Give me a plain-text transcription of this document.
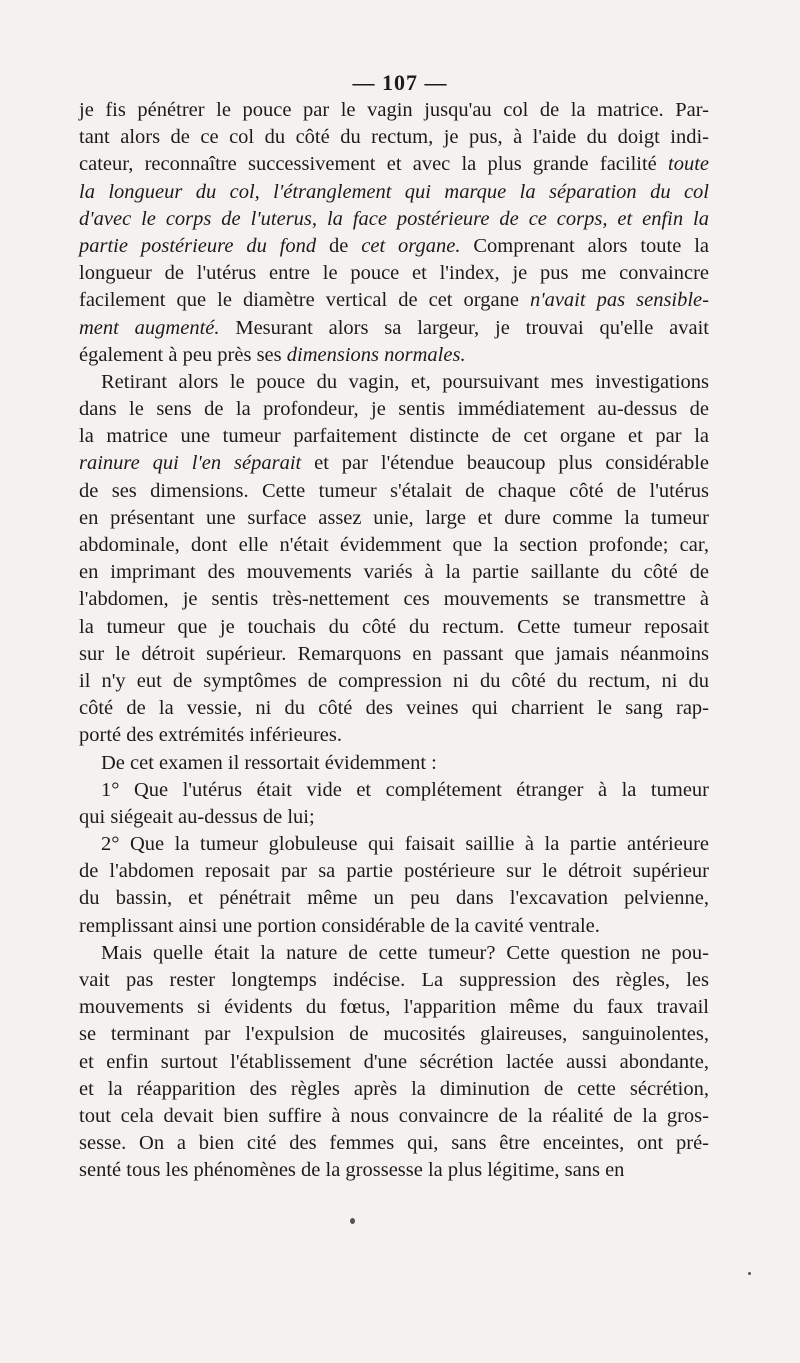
— 107 —
je fis pénétrer le pouce par le vagin jusqu'au col de la matrice. Par-
tant alors de ce col du côté du rectum, je pus, à l'aide du doigt indi-
cateur, reconnaître successivement et avec la plus grande facilité toute
la longueur du col, l'étranglement qui marque la séparation du col
d'avec le corps de l'uterus, la face postérieure de ce corps, et enfin la
partie postérieure du fond de cet organe. Comprenant alors toute la
longueur de l'utérus entre le pouce et l'index, je pus me convaincre
facilement que le diamètre vertical de cet organe n'avait pas sensible-
ment augmenté. Mesurant alors sa largeur, je trouvai qu'elle avait
également à peu près ses dimensions normales.
Retirant alors le pouce du vagin, et, poursuivant mes investigations
dans le sens de la profondeur, je sentis immédiatement au-dessus de
la matrice une tumeur parfaitement distincte de cet organe et par la
rainure qui l'en séparait et par l'étendue beaucoup plus considérable
de ses dimensions. Cette tumeur s'étalait de chaque côté de l'utérus
en présentant une surface assez unie, large et dure comme la tumeur
abdominale, dont elle n'était évidemment que la section profonde; car,
en imprimant des mouvements variés à la partie saillante du côté de
l'abdomen, je sentis très-nettement ces mouvements se transmettre à
la tumeur que je touchais du côté du rectum. Cette tumeur reposait
sur le détroit supérieur. Remarquons en passant que jamais néanmoins
il n'y eut de symptômes de compression ni du côté du rectum, ni du
côté de la vessie, ni du côté des veines qui charrient le sang rap-
porté des extrémités inférieures.
De cet examen il ressortait évidemment :
1° Que l'utérus était vide et complétement étranger à la tumeur
qui siégeait au-dessus de lui;
2° Que la tumeur globuleuse qui faisait saillie à la partie antérieure
de l'abdomen reposait par sa partie postérieure sur le détroit supérieur
du bassin, et pénétrait même un peu dans l'excavation pelvienne,
remplissant ainsi une portion considérable de la cavité ventrale.
Mais quelle était la nature de cette tumeur? Cette question ne pou-
vait pas rester longtemps indécise. La suppression des règles, les
mouvements si évidents du fœtus, l'apparition même du faux travail
se terminant par l'expulsion de mucosités glaireuses, sanguinolentes,
et enfin surtout l'établissement d'une sécrétion lactée aussi abondante,
et la réapparition des règles après la diminution de cette sécrétion,
tout cela devait bien suffire à nous convaincre de la réalité de la gros-
sesse. On a bien cité des femmes qui, sans être enceintes, ont pré-
senté tous les phénomènes de la grossesse la plus légitime, sans en
